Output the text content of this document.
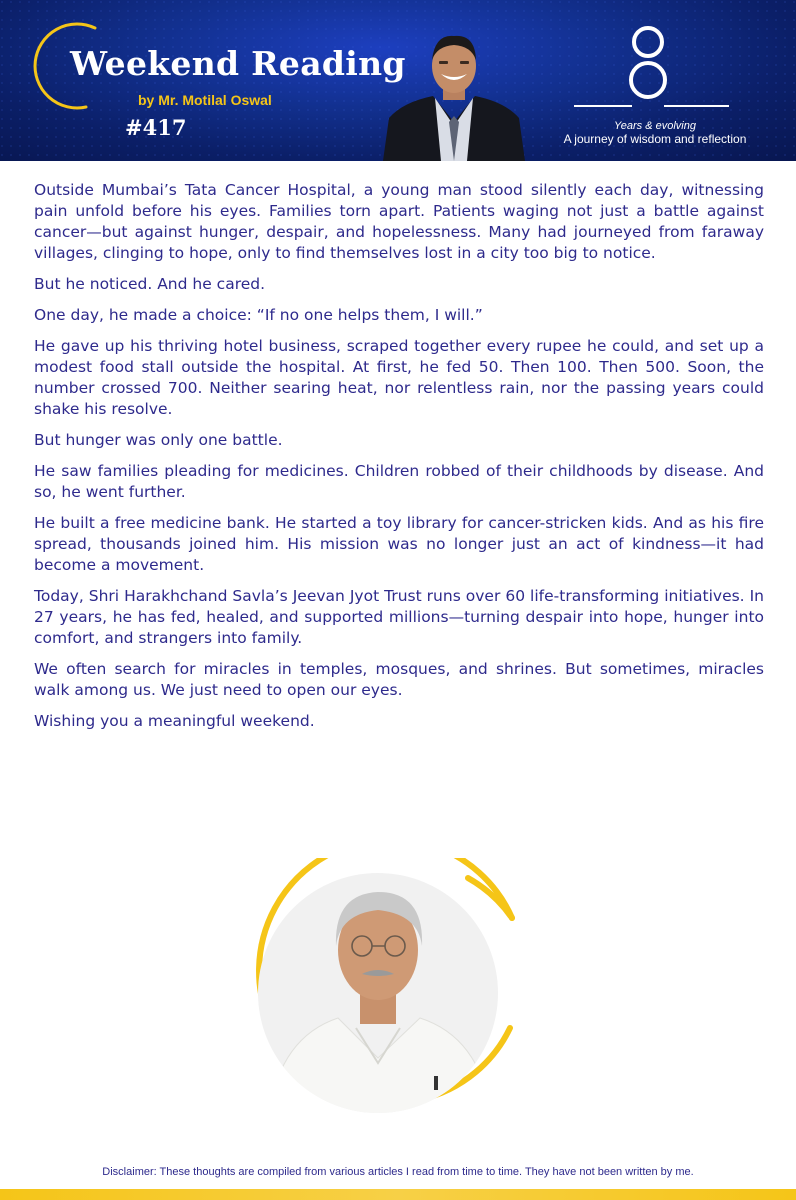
Weekend Reading
by Mr. Motilal Oswal
#417	Years & evolving
A journey of wisdom and reflection

Outside Mumbai’s Tata Cancer Hospital, a young man stood silently each day, witnessing pain unfold before his eyes. Families torn apart. Patients waging not just a battle against cancer—but against hunger, despair, and hopelessness. Many had journeyed from faraway villages, clinging to hope, only to find themselves lost in a city too big to notice.

But he noticed. And he cared.

One day, he made a choice: “If no one helps them, I will.”

He gave up his thriving hotel business, scraped together every rupee he could, and set up a modest food stall outside the hospital. At first, he fed 50. Then 100. Then 500. Soon, the number crossed 700. Neither searing heat, nor relentless rain, nor the passing years could shake his resolve.

But hunger was only one battle.

He saw families pleading for medicines. Children robbed of their childhoods by disease. And so, he went further.

He built a free medicine bank. He started a toy library for cancer-stricken kids. And as his fire spread, thousands joined him. His mission was no longer just an act of kindness—it had become a movement.

Today, Shri Harakhchand Savla’s Jeevan Jyot Trust runs over 60 life-transforming initiatives. In 27 years, he has fed, healed, and supported millions—turning despair into hope, hunger into comfort, and strangers into family.

We often search for miracles in temples, mosques, and shrines. But sometimes, miracles walk among us. We just need to open our eyes.

Wishing you a meaningful weekend.

Disclaimer: These thoughts are compiled from various articles I read from time to time. They have not been written by me.
